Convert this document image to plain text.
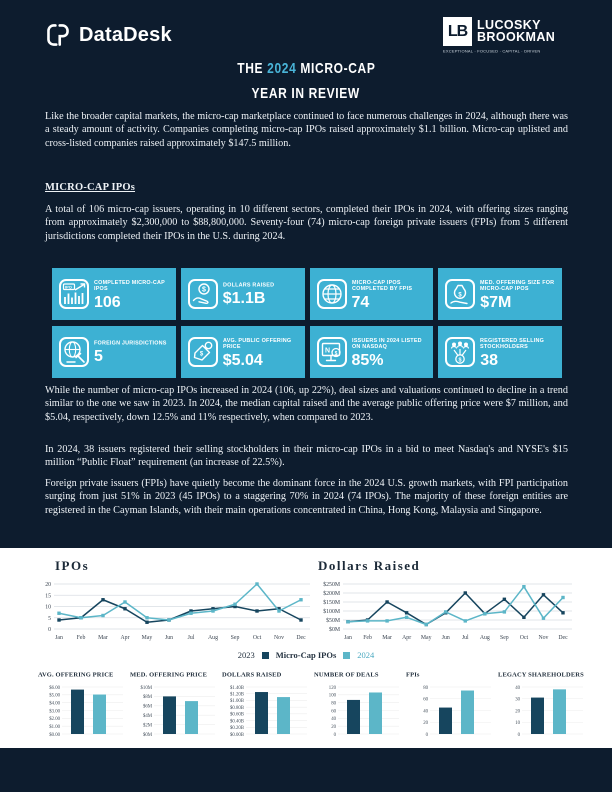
DataDesk	LB LUCOSKY
BROOKMAN
EXCEPTIONAL · FOCUSED · CAPITAL · DRIVEN
THE 2024 MICRO-CAP
YEAR IN REVIEW

Like the broader capital markets, the micro-cap marketplace continued to face numerous challenges in 2024, although there was a steady amount of activity. Companies completing micro-cap IPOs raised approximately $1.1 billion. Micro-cap uplisted and cross-listed companies raised approximately $147.5 million.

MICRO-CAP IPOs

A total of 106 micro-cap issuers, operating in 10 different sectors, completed their IPOs in 2024, with offering sizes ranging from approximately $2,300,000 to $88,800,000. Seventy-four (74) micro-cap foreign private issuers (FPIs) from 5 different jurisdictions completed their IPOs in the U.S. during 2024.

IPO
COMPLETED MICRO-CAP IPOS
106
$
DOLLARS RAISED
$1.1B
MICRO-CAP IPOS COMPLETED BY FPIS
74	$
MED. OFFERING SIZE FOR MICRO-CAP IPOS
$7M
FOREIGN JURISDICTIONS
5	$
AVG. PUBLIC OFFERING PRICE
$5.04
N $
ISSUERS IN 2024 LISTED ON NASDAQ
85%	$
REGISTERED SELLING STOCKHOLDERS
38

While the number of micro-cap IPOs increased in 2024 (106, up 22%), deal sizes and valuations continued to decline in a trend similar to the one we saw in 2023. In 2024, the median capital raised and the average public offering price were $7 million, and $5.04, respectively, down 12.5% and 11% respectively, when compared to 2023.

In 2024, 38 issuers registered their selling stockholders in their micro-cap IPOs in a bid to meet Nasdaq's and NYSE's $15 million “Public Float” requirement (an increase of 22.5%).

Foreign private issuers (FPIs) have quietly become the dominant force in the 2024 U.S. growth markets, with FPI participation surging from just 51% in 2023 (45 IPOs) to a staggering 70% in 2024 (74 IPOs). The majority of these foreign entities are registered in the Cayman Islands, with their main operations concentrated in China, Hong Kong, Malaysia and Singapore.

IPOs	Dollars Raised
0
5
10
15
20
Jan Feb Mar Apr May Jun	Jul Aug Sep Oct Nov Dec
$0M
$50M
$100M
$150M
$200M
$250M
Jan Feb Mar Apr May Jun Jul Aug Sep Oct Nov Dec
2023 Micro-Cap IPOs 2024
AVG. OFFERING PRICE
$6.00
$5.00
$4.00
$3.00
$2.00
$1.00
$0.00
MED. OFFERING PRICE
$10M
$8M
$6M
$4M
$2M
$0M
DOLLARS RAISED
$1.40B
$1.20B
$1.00B
$0.80B
$0.60B
$0.40B
$0.20B
$0.00B
NUMBER OF DEALS
120
100
80
60
40
20
0
FPIs
80
60
40
20
0
LEGACY SHAREHOLDERS
40
30
20
10
0
